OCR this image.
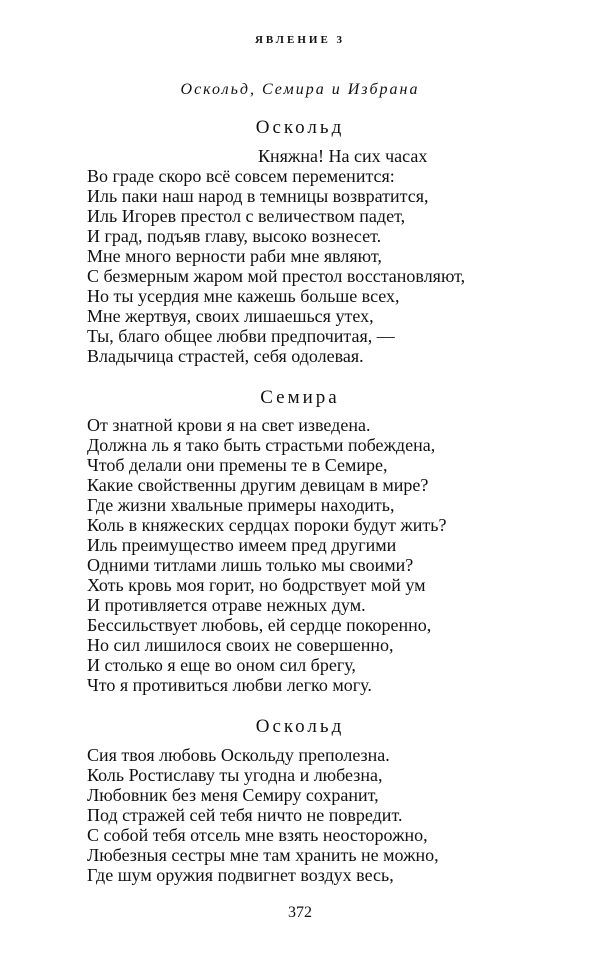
ЯВЛЕНИЕ 3
Оскольд, Семира и Избрана
Оскольд
Княжна! На сих часах
Во граде скоро всё совсем переменится:
Иль паки наш народ в темницы возвратится,
Иль Игорев престол с величеством падет,
И град, подъяв главу, высоко вознесет.
Мне много верности раби мне являют,
С безмерным жаром мой престол восстановляют,
Но ты усердия мне кажешь больше всех,
Мне жертвуя, своих лишаешься утех,
Ты, благо общее любви предпочитая, —
Владычица страстей, себя одолевая.
Семира
От знатной крови я на свет изведена.
Должна ль я тако быть страстьми побеждена,
Чтоб делали они премены те в Семире,
Какие свойственны другим девицам в мире?
Где жизни хвальные примеры находить,
Коль в княжеских сердцах пороки будут жить?
Иль преимущество имеем пред другими
Одними титлами лишь только мы своими?
Хоть кровь моя горит, но бодрствует мой ум
И противляется отраве нежных дум.
Бессильствует любовь, ей сердце покоренно,
Но сил лишилося своих не совершенно,
И столько я еще во оном сил брегу,
Что я противиться любви легко могу.
Оскольд
Сия твоя любовь Оскольду преполезна.
Коль Ростиславу ты угодна и любезна,
Любовник без меня Семиру сохранит,
Под стражей сей тебя ничто не повредит.
С собой тебя отсель мне взять неосторожно,
Любезныя сестры мне там хранить не можно,
Где шум оружия подвигнет воздух весь,
372
